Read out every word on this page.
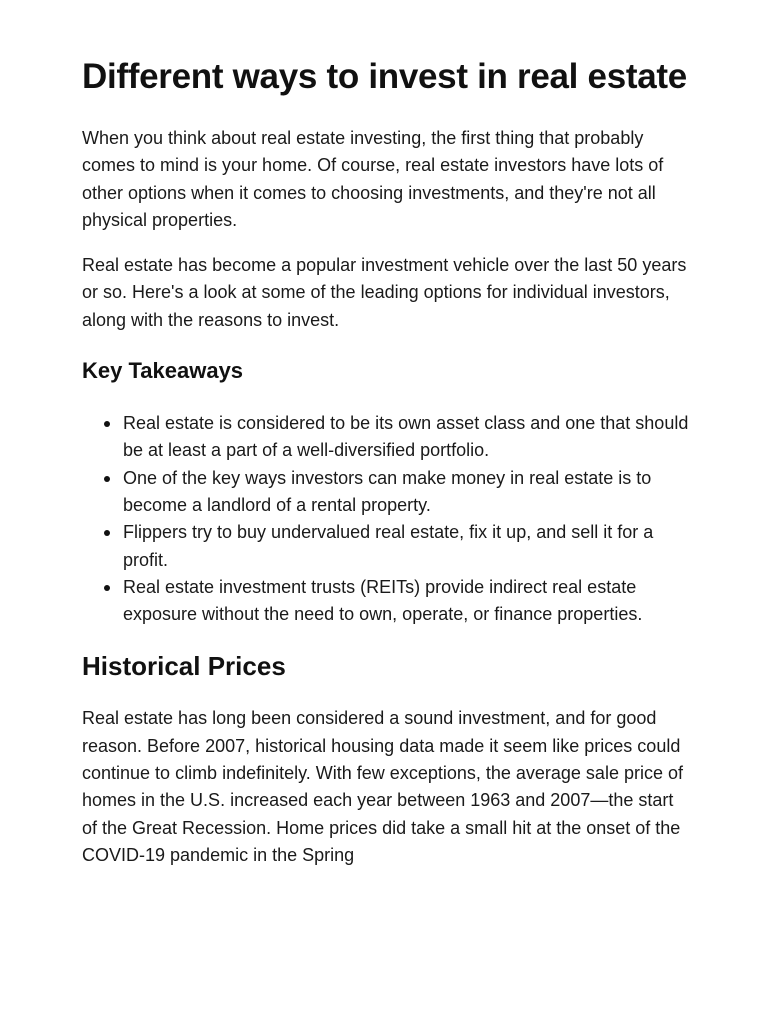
Different ways to invest in real estate

When you think about real estate investing, the first thing that probably comes to mind is your home. Of course, real estate investors have lots of other options when it comes to choosing investments, and they're not all physical properties.

Real estate has become a popular investment vehicle over the last 50 years or so. Here's a look at some of the leading options for individual investors, along with the reasons to invest.

Key Takeaways
Real estate is considered to be its own asset class and one that should be at least a part of a well-diversified portfolio.
One of the key ways investors can make money in real estate is to become a landlord of a rental property.
Flippers try to buy undervalued real estate, fix it up, and sell it for a profit.
Real estate investment trusts (REITs) provide indirect real estate exposure without the need to own, operate, or finance properties.
Historical Prices

Real estate has long been considered a sound investment, and for good reason. Before 2007, historical housing data made it seem like prices could continue to climb indefinitely. With few exceptions, the average sale price of homes in the U.S. increased each year between 1963 and 2007—the start of the Great Recession. Home prices did take a small hit at the onset of the COVID-19 pandemic in the Spring
